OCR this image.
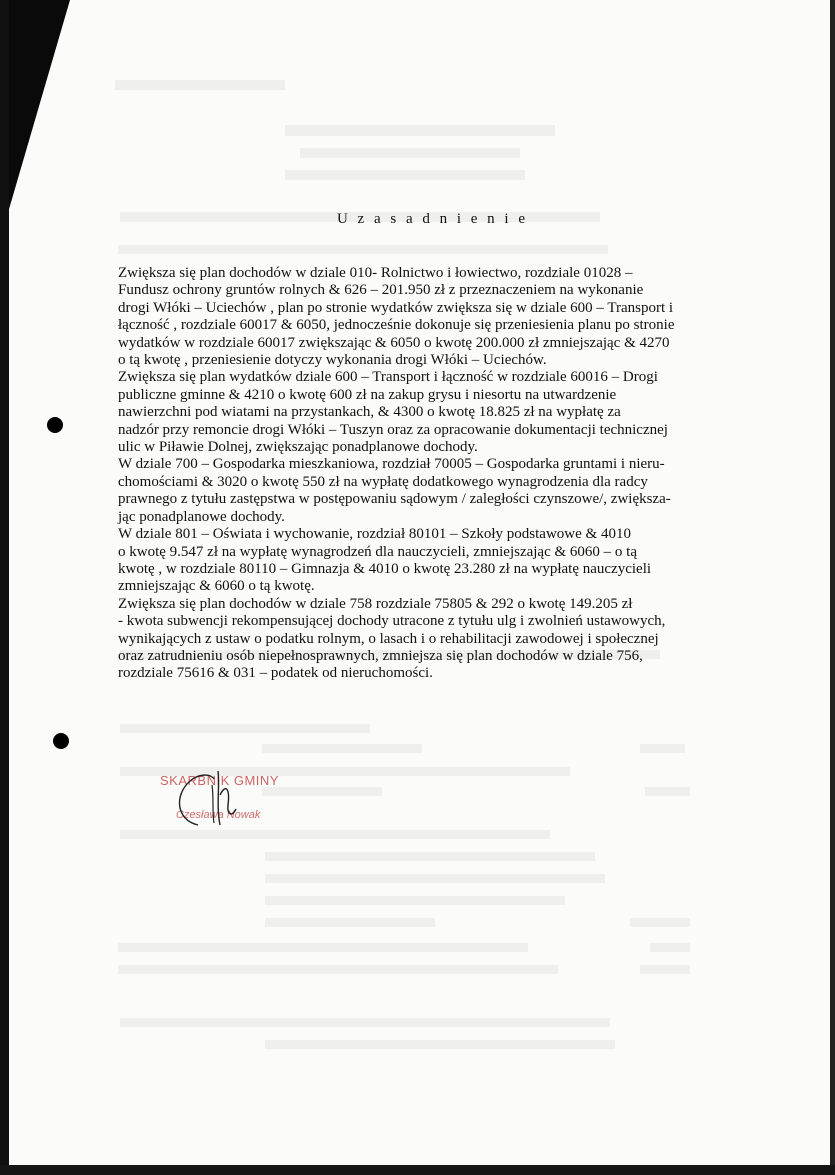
U z a s a d n i e n i e
Zwiększa się plan dochodów w dziale 010- Rolnictwo i łowiectwo, rozdziale 01028 –
Fundusz ochrony gruntów rolnych & 626 – 201.950 zł z przeznaczeniem na wykonanie
drogi Włóki – Uciechów , plan po stronie wydatków zwiększa się w dziale 600 – Transport i
łączność , rozdziale 60017 & 6050, jednocześnie dokonuje się przeniesienia planu po stronie
wydatków w rozdziale 60017 zwiększając & 6050 o kwotę 200.000 zł zmniejszając & 4270
o tą kwotę , przeniesienie dotyczy wykonania drogi Włóki – Uciechów.
Zwiększa się plan wydatków dziale 600 – Transport i łączność w rozdziale 60016 – Drogi
publiczne gminne & 4210 o kwotę 600 zł na zakup grysu i niesortu na utwardzenie
nawierzchni pod wiatami na przystankach, & 4300 o kwotę 18.825 zł na wypłatę za
nadzór przy remoncie drogi Włóki – Tuszyn oraz za opracowanie dokumentacji technicznej
ulic w Piławie Dolnej, zwiększając ponadplanowe dochody.
W dziale 700 – Gospodarka mieszkaniowa, rozdział 70005 – Gospodarka gruntami i nieru-
chomościami & 3020 o kwotę 550 zł na wypłatę dodatkowego wynagrodzenia dla radcy
prawnego z tytułu zastępstwa w postępowaniu sądowym / zaległości czynszowe/, zwiększa-
jąc ponadplanowe dochody.
W dziale 801 – Oświata i wychowanie, rozdział 80101 – Szkoły podstawowe & 4010
o kwotę 9.547 zł na wypłatę wynagrodzeń dla nauczycieli, zmniejszając & 6060 – o tą
kwotę , w rozdziale 80110 – Gimnazja & 4010 o kwotę 23.280 zł na wypłatę nauczycieli
zmniejszając & 6060 o tą kwotę.
Zwiększa się plan dochodów w dziale 758 rozdziale 75805 & 292 o kwotę 149.205 zł
- kwota subwencji rekompensującej dochody utracone z tytułu ulg i zwolnień ustawowych,
wynikających z ustaw o podatku rolnym, o lasach i o rehabilitacji zawodowej i społecznej
oraz zatrudnieniu osób niepełnosprawnych, zmniejsza się plan dochodów w dziale 756,
rozdziale 75616 & 031 – podatek od nieruchomości.
SKARBNIK GMINY
Czesława Nowak
